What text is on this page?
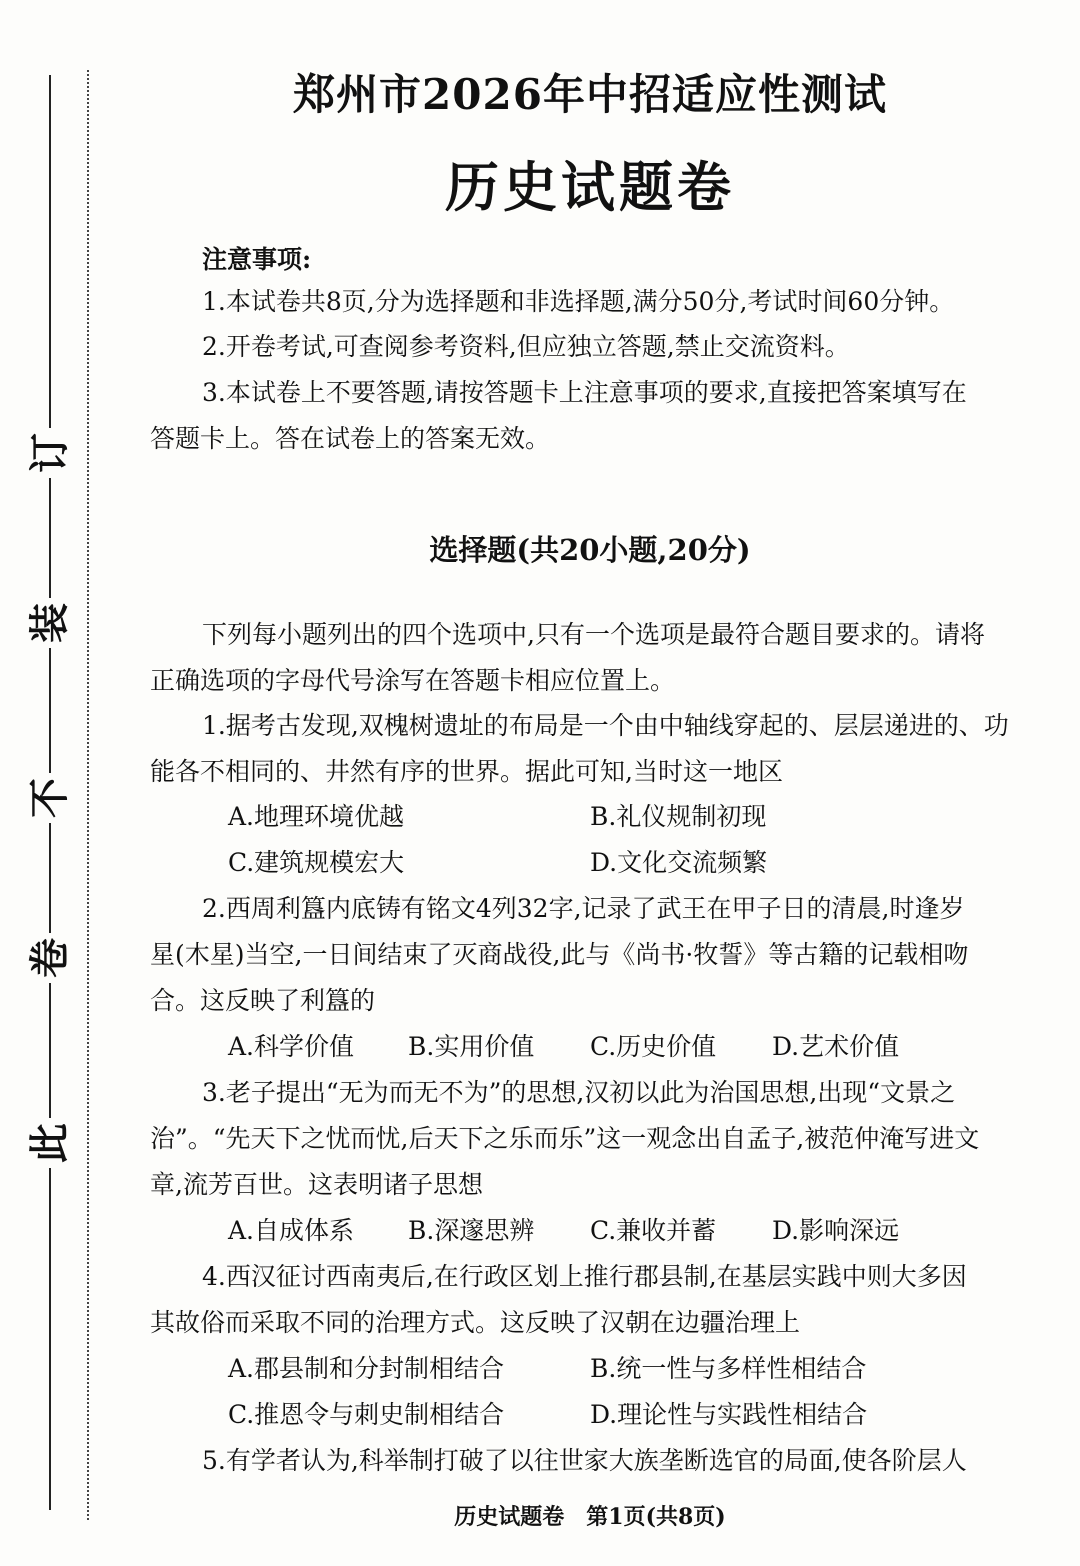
此
卷
不
装
订
郑州市2026年中招适应性测试
历史试题卷
注意事项:
1.本试卷共8页,分为选择题和非选择题,满分50分,考试时间60分钟。
2.开卷考试,可查阅参考资料,但应独立答题,禁止交流资料。
3.本试卷上不要答题,请按答题卡上注意事项的要求,直接把答案填写在
答题卡上。答在试卷上的答案无效。
选择题(共20小题,20分)
下列每小题列出的四个选项中,只有一个选项是最符合题目要求的。请将
正确选项的字母代号涂写在答题卡相应位置上。
1.据考古发现,双槐树遗址的布局是一个由中轴线穿起的、层层递进的、功
能各不相同的、井然有序的世界。据此可知,当时这一地区
A.地理环境优越	B.礼仪规制初现
C.建筑规模宏大	D.文化交流频繁
2.西周利簋内底铸有铭文4列32字,记录了武王在甲子日的清晨,时逢岁
星(木星)当空,一日间结束了灭商战役,此与《尚书·牧誓》等古籍的记载相吻
合。这反映了利簋的
A.科学价值 B.实用价值 C.历史价值 D.艺术价值
3.老子提出“无为而无不为”的思想,汉初以此为治国思想,出现“文景之
治”。“先天下之忧而忧,后天下之乐而乐”这一观念出自孟子,被范仲淹写进文
章,流芳百世。这表明诸子思想
A.自成体系 B.深邃思辨 C.兼收并蓄 D.影响深远
4.西汉征讨西南夷后,在行政区划上推行郡县制,在基层实践中则大多因
其故俗而采取不同的治理方式。这反映了汉朝在边疆治理上
A.郡县制和分封制相结合	B.统一性与多样性相结合
C.推恩令与刺史制相结合	D.理论性与实践性相结合
5.有学者认为,科举制打破了以往世家大族垄断选官的局面,使各阶层人
历史试题卷　第1页(共8页)
